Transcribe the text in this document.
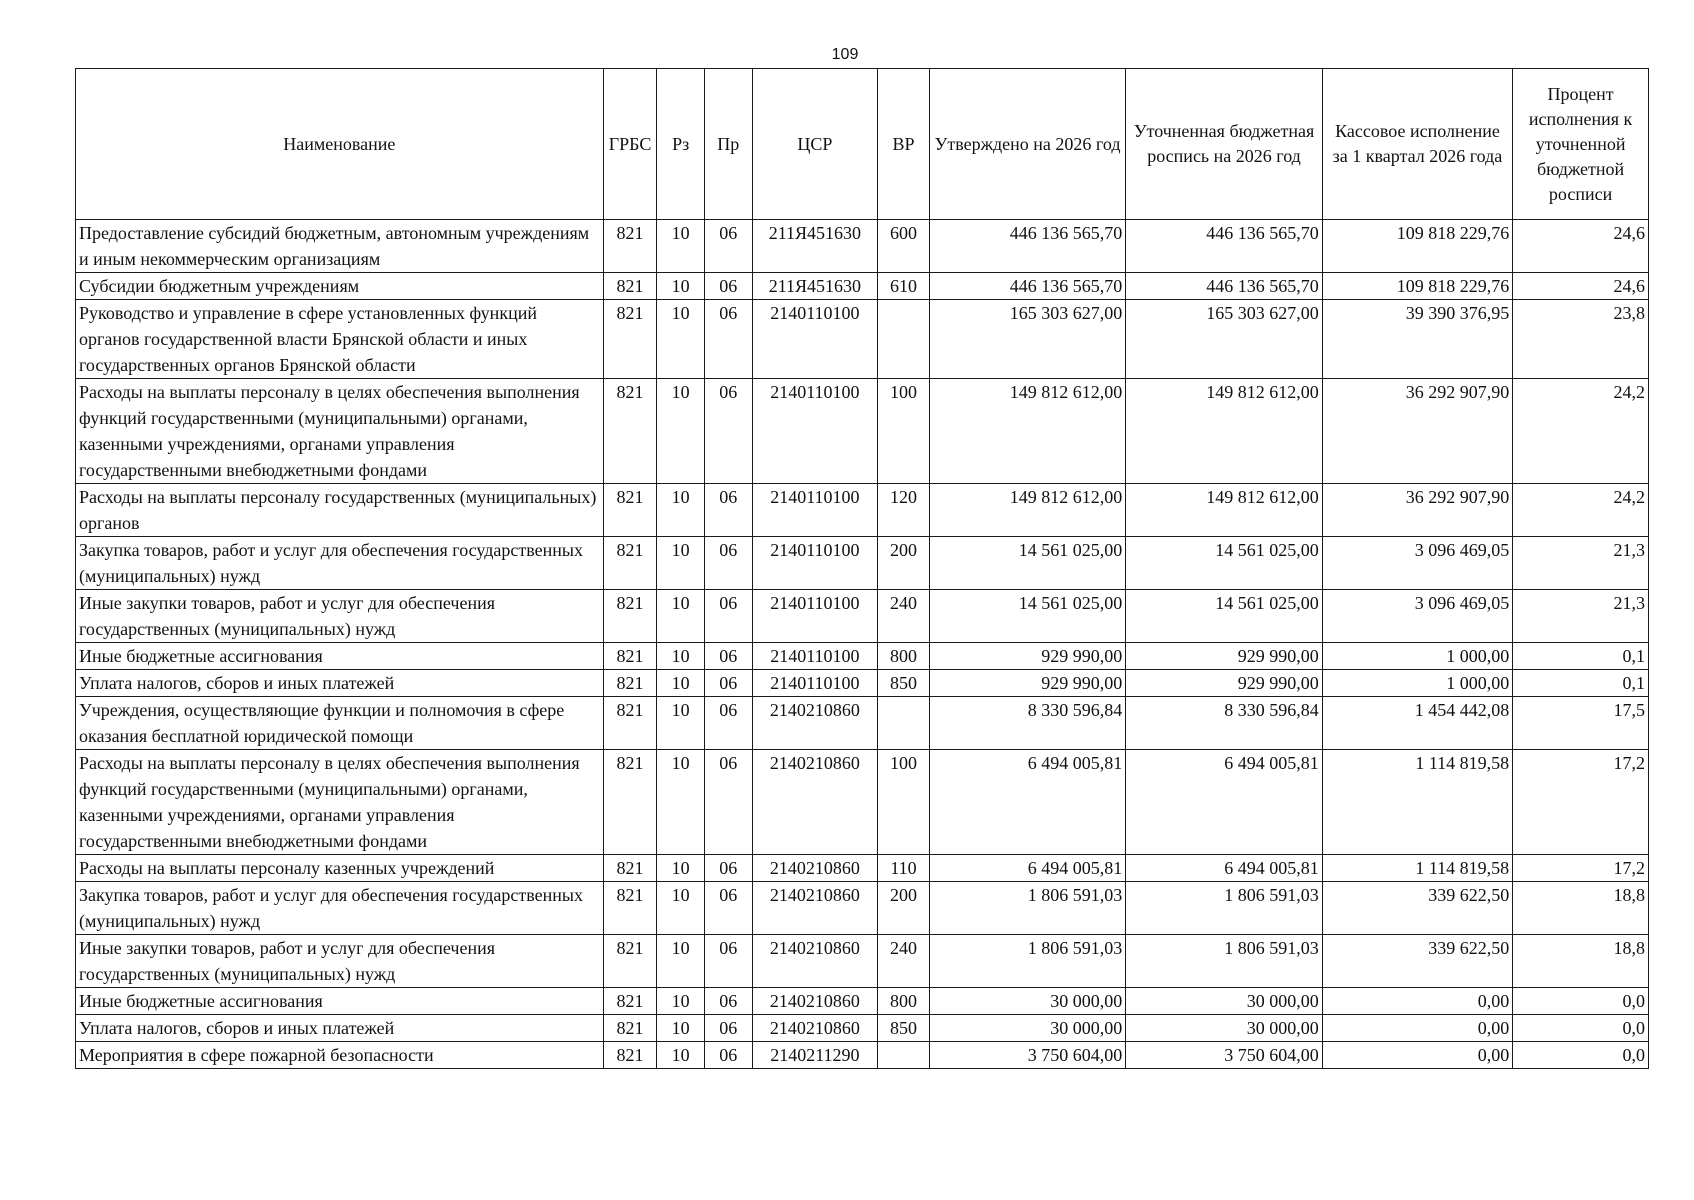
109
Наименование	ГРБС	Рз	Пр	ЦСР	ВР	Утверждено на 2026 год	Уточненная бюджетная роспись на 2026 год	Кассовое исполнение за 1 квартал 2026 года	Процент исполнения к уточненной бюджетной росписи
Предоставление субсидий бюджетным, автономным учреждениям и иным некоммерческим организациям	821	10	06	211Я451630	600	446 136 565,70	446 136 565,70	109 818 229,76	24,6
Субсидии бюджетным учреждениям	821	10	06	211Я451630	610	446 136 565,70	446 136 565,70	109 818 229,76	24,6
Руководство и управление в сфере установленных функций органов государственной власти Брянской области и иных государственных органов Брянской области	821	10	06	2140110100		165 303 627,00	165 303 627,00	39 390 376,95	23,8
Расходы на выплаты персоналу в целях обеспечения выполнения функций государственными (муниципальными) органами, казенными учреждениями, органами управления государственными внебюджетными фондами	821	10	06	2140110100	100	149 812 612,00	149 812 612,00	36 292 907,90	24,2
Расходы на выплаты персоналу государственных (муниципальных) органов	821	10	06	2140110100	120	149 812 612,00	149 812 612,00	36 292 907,90	24,2
Закупка товаров, работ и услуг для обеспечения государственных (муниципальных) нужд	821	10	06	2140110100	200	14 561 025,00	14 561 025,00	3 096 469,05	21,3
Иные закупки товаров, работ и услуг для обеспечения государственных (муниципальных) нужд	821	10	06	2140110100	240	14 561 025,00	14 561 025,00	3 096 469,05	21,3
Иные бюджетные ассигнования	821	10	06	2140110100	800	929 990,00	929 990,00	1 000,00	0,1
Уплата налогов, сборов и иных платежей	821	10	06	2140110100	850	929 990,00	929 990,00	1 000,00	0,1
Учреждения, осуществляющие функции и полномочия в сфере оказания бесплатной юридической помощи	821	10	06	2140210860		8 330 596,84	8 330 596,84	1 454 442,08	17,5
Расходы на выплаты персоналу в целях обеспечения выполнения функций государственными (муниципальными) органами, казенными учреждениями, органами управления государственными внебюджетными фондами	821	10	06	2140210860	100	6 494 005,81	6 494 005,81	1 114 819,58	17,2
Расходы на выплаты персоналу казенных учреждений	821	10	06	2140210860	110	6 494 005,81	6 494 005,81	1 114 819,58	17,2
Закупка товаров, работ и услуг для обеспечения государственных (муниципальных) нужд	821	10	06	2140210860	200	1 806 591,03	1 806 591,03	339 622,50	18,8
Иные закупки товаров, работ и услуг для обеспечения государственных (муниципальных) нужд	821	10	06	2140210860	240	1 806 591,03	1 806 591,03	339 622,50	18,8
Иные бюджетные ассигнования	821	10	06	2140210860	800	30 000,00	30 000,00	0,00	0,0
Уплата налогов, сборов и иных платежей	821	10	06	2140210860	850	30 000,00	30 000,00	0,00	0,0
Мероприятия в сфере пожарной безопасности	821	10	06	2140211290		3 750 604,00	3 750 604,00	0,00	0,0
